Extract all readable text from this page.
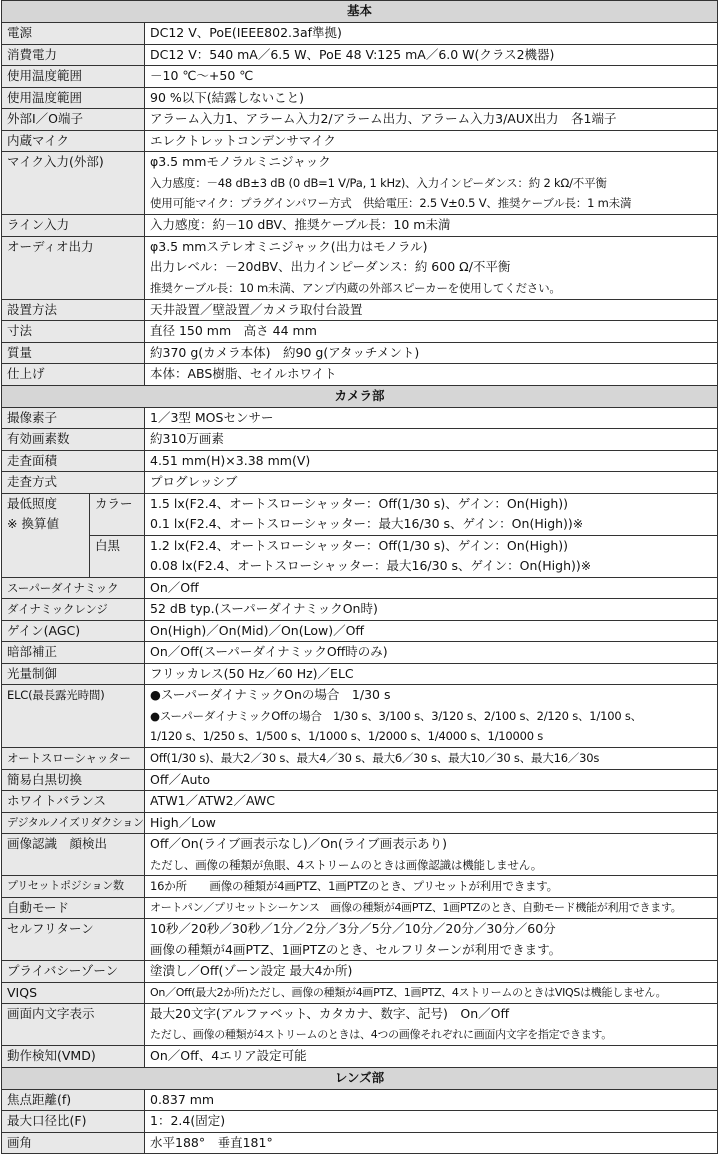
基本		
電源		DC12 V、PoE(IEEE802.3af準拠)
消費電力		DC12 V：540 mA／6.5 W、PoE 48 V:125 mA／6.0 W(クラス2機器)
使用温度範囲		－10 ℃～+50 ℃
使用温度範囲		90 %以下(結露しないこと)
外部I／O端子		アラーム入力1、アラーム入力2/アラーム出力、アラーム入力3/AUX出力　各1端子
内蔵マイク		エレクトレットコンデンサマイク
マイク入力(外部)		φ3.5 mmモノラルミニジャック
入力感度：－48 dB±3 dB (0 dB=1 V/Pa, 1 kHz)、入力インピーダンス：約 2 kΩ/不平衡
使用可能マイク：プラグインパワー方式　供給電圧：2.5 V±0.5 V、推奨ケーブル長：1 m未満

ライン入力		入力感度：約－10 dBV、推奨ケーブル長：10 m未満
オーディオ出力		φ3.5 mmステレオミニジャック(出力はモノラル)
出力レベル：－20dBV、出力インピーダンス：約 600 Ω/不平衡
推奨ケーブル長：10 m未満、アンプ内蔵の外部スピーカーを使用してください。

設置方法		天井設置／壁設置／カメラ取付台設置
寸法		直径 150 mm　高さ 44 mm
質量		約370 g(カメラ本体)　約90 g(アタッチメント)
仕上げ		本体：ABS樹脂、セイルホワイト
カメラ部		
撮像素子		1／3型 MOSセンサー
有効画素数		約310万画素
走査面積		4.51 mm(H)×3.38 mm(V)
走査方式		プログレッシブ

最低照度
※ 換算値	カラー	1.5 lx(F2.4、オートスローシャッター：Off(1/30 s)、ゲイン：On(High))
0.1 lx(F2.4、オートスローシャッター：最大16/30 s、ゲイン：On(High))※

	白黒	1.2 lx(F2.4、オートスローシャッター：Off(1/30 s)、ゲイン：On(High))
0.08 lx(F2.4、オートスローシャッター：最大16/30 s、ゲイン：On(High))※

スーパーダイナミック		On／Off
ダイナミックレンジ		52 dB typ.(スーパーダイナミックOn時)
ゲイン(AGC)		On(High)／On(Mid)／On(Low)／Off
暗部補正		On／Off(スーパーダイナミックOff時のみ)
光量制御		フリッカレス(50 Hz／60 Hz)／ELC
ELC(最長露光時間)		●スーパーダイナミックOnの場合　1/30 s
●スーパーダイナミックOffの場合　1/30 s、3/100 s、3/120 s、2/100 s、2/120 s、1/100 s、
1/120 s、1/250 s、1/500 s、1/1000 s、1/2000 s、1/4000 s、1/10000 s

オートスローシャッター		Off(1/30 s)、最大2／30 s、最大4／30 s、最大6／30 s、最大10／30 s、最大16／30s
簡易白黒切換		Off／Auto
ホワイトバランス		ATW1／ATW2／AWC
デジタルノイズリダクション		High／Low
画像認識　顔検出		Off／On(ライブ画表示なし)／On(ライブ画表示あり)
ただし、画像の種類が魚眼、4ストリームのときは画像認識は機能しません。

プリセットポジション数		16か所　　画像の種類が4画PTZ、1画PTZのとき、プリセットが利用できます。
自動モード		オートパン／プリセットシーケンス　画像の種類が4画PTZ、1画PTZのとき、自動モード機能が利用できます。
セルフリターン		10秒／20秒／30秒／1分／2分／3分／5分／10分／20分／30分／60分
画像の種類が4画PTZ、1画PTZのとき、セルフリターンが利用できます。

プライバシーゾーン		塗潰し／Off(ゾーン設定 最大4か所)
VIQS		On／Off(最大2か所)ただし、画像の種類が4画PTZ、1画PTZ、4ストリームのときはVIQSは機能しません。
画面内文字表示		最大20文字(アルファベット、カタカナ、数字、記号)　On／Off
ただし、画像の種類が4ストリームのときは、4つの画像それぞれに画面内文字を指定できます。

動作検知(VMD)		On／Off、4エリア設定可能
レンズ部		
焦点距離(f)		0.837 mm
最大口径比(F)		1：2.4(固定)
画角		水平188°　垂直181°
